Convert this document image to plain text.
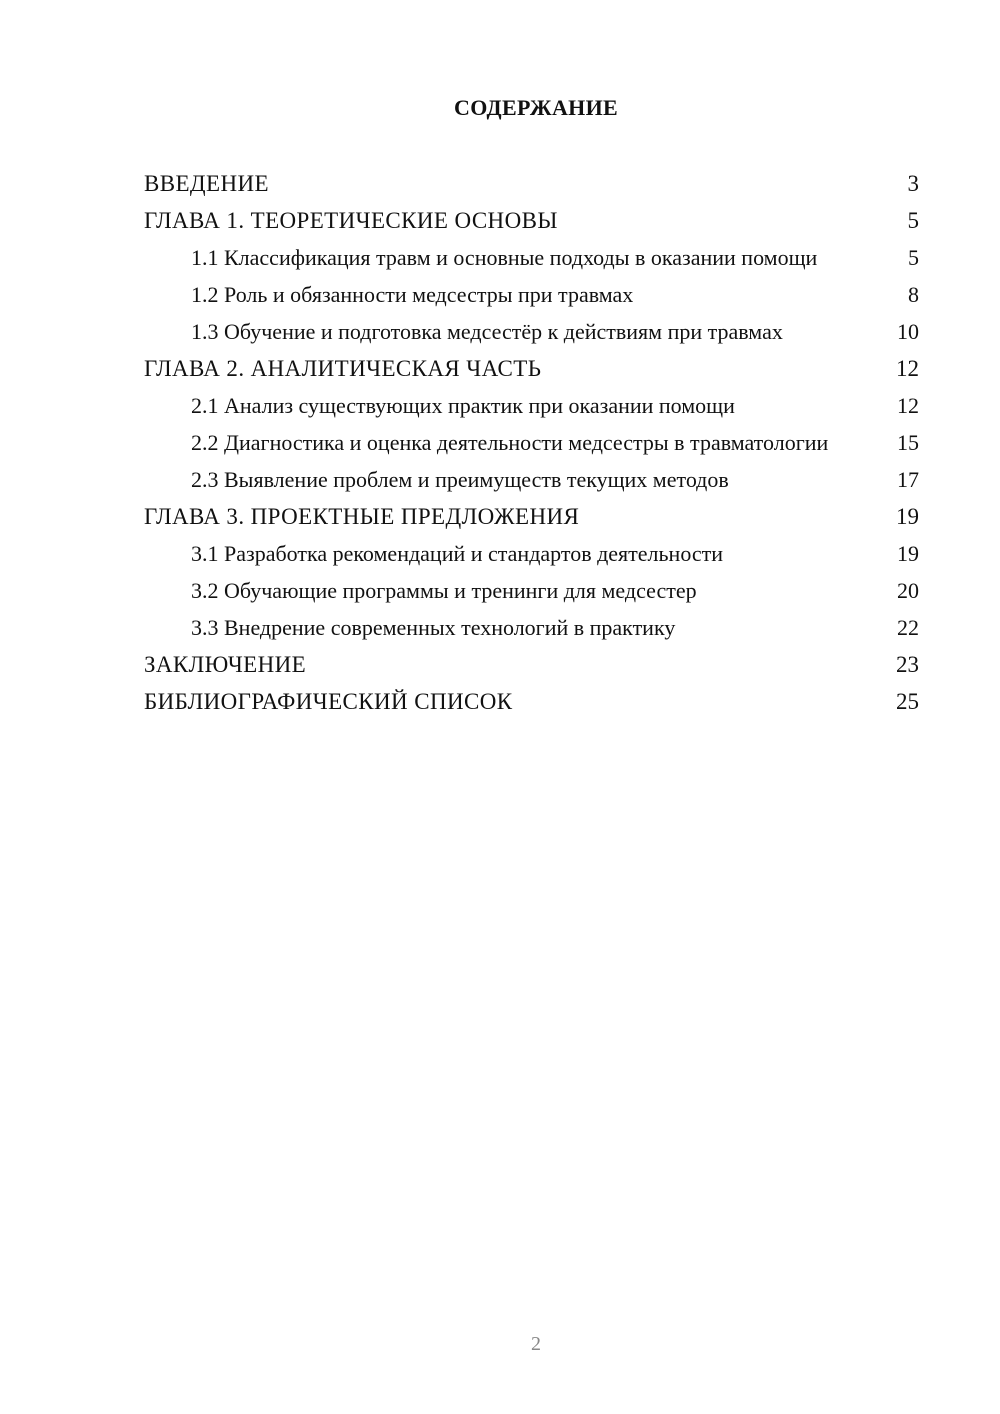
СОДЕРЖАНИЕ
ВВЕДЕНИЕ	3
ГЛАВА 1. ТЕОРЕТИЧЕСКИЕ ОСНОВЫ	5
1.1 Классификация травм и основные подходы в оказании помощи	5
1.2 Роль и обязанности медсестры при травмах	8
1.3 Обучение и подготовка медсестёр к действиям при травмах	10
ГЛАВА 2. АНАЛИТИЧЕСКАЯ ЧАСТЬ	12
2.1 Анализ существующих практик при оказании помощи	12
2.2 Диагностика и оценка деятельности медсестры в травматологии	15
2.3 Выявление проблем и преимуществ текущих методов	17
ГЛАВА 3. ПРОЕКТНЫЕ ПРЕДЛОЖЕНИЯ	19
3.1 Разработка рекомендаций и стандартов деятельности	19
3.2 Обучающие программы и тренинги для медсестер	20
3.3 Внедрение современных технологий в практику	22
ЗАКЛЮЧЕНИЕ	23
БИБЛИОГРАФИЧЕСКИЙ СПИСОК	25
2
